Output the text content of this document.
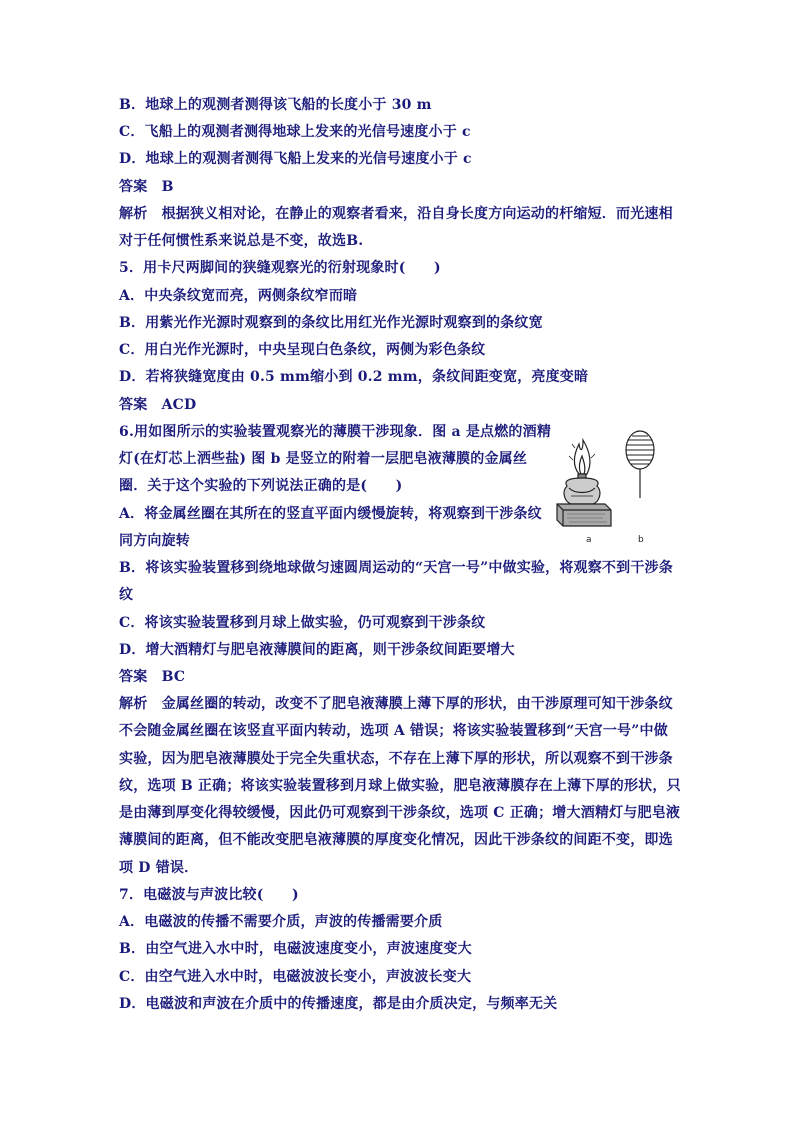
B．地球上的观测者测得该飞船的长度小于 30 m
C．飞船上的观测者测得地球上发来的光信号速度小于 c
D．地球上的观测者测得飞船上发来的光信号速度小于 c
答案　B
解析　根据狭义相对论，在静止的观察者看来，沿自身长度方向运动的杆缩短．而光速相
对于任何惯性系来说总是不变，故选B.
5．用卡尺两脚间的狭缝观察光的衍射现象时(　　)
A．中央条纹宽而亮，两侧条纹窄而暗
B．用紫光作光源时观察到的条纹比用红光作光源时观察到的条纹宽
C．用白光作光源时，中央呈现白色条纹，两侧为彩色条纹
D．若将狭缝宽度由 0.5 mm缩小到 0.2 mm，条纹间距变宽，亮度变暗
答案　ACD
6.用如图所示的实验装置观察光的薄膜干涉现象．图 a 是点燃的酒精
灯(在灯芯上洒些盐) 图 b 是竖立的附着一层肥皂液薄膜的金属丝
圈．关于这个实验的下列说法正确的是(　　)
A．将金属丝圈在其所在的竖直平面内缓慢旋转，将观察到干涉条纹
同方向旋转
B．将该实验装置移到绕地球做匀速圆周运动的“天宫一号”中做实验，将观察不到干涉条
纹
C．将该实验装置移到月球上做实验，仍可观察到干涉条纹
D．增大酒精灯与肥皂液薄膜间的距离，则干涉条纹间距要增大
答案　BC
解析　金属丝圈的转动，改变不了肥皂液薄膜上薄下厚的形状，由干涉原理可知干涉条纹
不会随金属丝圈在该竖直平面内转动，选项 A 错误；将该实验装置移到“天宫一号”中做
实验，因为肥皂液薄膜处于完全失重状态，不存在上薄下厚的形状，所以观察不到干涉条
纹，选项 B 正确；将该实验装置移到月球上做实验，肥皂液薄膜存在上薄下厚的形状，只
是由薄到厚变化得较缓慢，因此仍可观察到干涉条纹，选项 C 正确；增大酒精灯与肥皂液
薄膜间的距离，但不能改变肥皂液薄膜的厚度变化情况，因此干涉条纹的间距不变，即选
项 D 错误．
a	b
7．电磁波与声波比较(　　)
A．电磁波的传播不需要介质，声波的传播需要介质
B．由空气进入水中时，电磁波速度变小，声波速度变大
C．由空气进入水中时，电磁波波长变小，声波波长变大
D．电磁波和声波在介质中的传播速度，都是由介质决定，与频率无关
